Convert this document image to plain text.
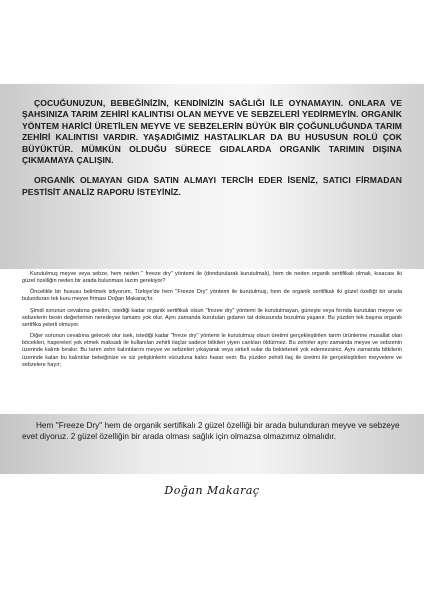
ÇOCUĞUNUZUN, BEBEĞİNİZİN, KENDİNİZİN SAĞLIĞI İLE OYNAMAYIN. ONLARA VE ŞAHSINIZA TARIM ZEHİRİ KALINTISI OLAN MEYVE VE SEBZELERİ YEDİRMEYİN. ORGANİK YÖNTEM HARİCİ ÜRETİLEN MEYVE VE SEBZELERİN BÜYÜK BİR ÇOĞUNLUĞUNDA TARIM ZEHİRİ KALINTISI VARDIR. YAŞADIĞIMIZ HASTALIKLAR DA BU HUSUSUN ROLÜ ÇOK BÜYÜKTÜR. MÜMKÜN OLDUĞU SÜRECE GIDALARDA ORGANİK TARIMIN DIŞINA ÇIKMAMAYA ÇALIŞIN.

ORGANİK OLMAYAN GIDA SATIN ALMAYI TERCİH EDER İSENİZ, SATICI FİRMADAN PESTİSİT ANALİZ RAPORU İSTEYİNİZ.

Kurutulmuş meyve veya sebze, hem neden '' freeze dry'' yöntemi ile (dondurularak kurutulmalı), hem de neden organik sertifikalı olmalı, kısacası iki güzel özelliğin neden bir arada bulunması lazım gerekiyor?

Öncelikle bir hususu belirtmek istiyorum, Türkiye'de hem ''Freeze Dry'' yöntemi ile kurutulmuş, hem de organik sertifikalı iki güzel özelliği bir arada bulunduran tek kuru meyve firması Doğan Makaraç'tır.

Şimdi sorunun cevabına gelelim, istediği kadar organik sertifikalı olsun ''frezee dry'' yöntemi ile kurutulmayan, güneşte veya fırında kurutulan meyve ve sebzelerin besin değerlerinin neredeyse tamamı yok olur. Aynı zamanda kurutulan gıdanın tat dokusunda bozulma yaşanır. Bu yüzden tek başına organik sertifika yeterli olmuyor.

Diğer sorunun cevabına gelecek olur isek, istediği kadar ''frreze dry'' yöntemi le kurutulmuş olsun üretimi gerçekleştirilen tarım ürünlerine musallat olan böcekleri, haşereleri yok etmek maksadı ile kullanılan zehirli ilaçlar sadece bitkileri yiyen canlıları öldürmez. Bu zehirler aynı zamanda meyve ve sebzenin üzerinde kalıntı bırakır. Bu tarım zehri kalıntılarını meyve ve sebzeleri yıkayarak veya sirkeli sular da bekleterek yok edemezsiniz. Aynı zamanda bitkilerin üzerinde kalan bu kalıntılar bebeğinize ve siz yetişkinlerin vücuduna kalıcı hasar verir. Bu yüzden zehirli ilaç ile üretimi ile gerçekleştirilen meyvelere ve sebzelere hayır;

Hem ''Freeze Dry'' hem de organik sertifikalı 2 güzel özelliği bir arada bulunduran meyve ve sebzeye evet diyoruz. 2 güzel özelliğin bir arada olması sağlık için olmazsa olmazımız olmalıdır.

Doğan Makaraç
